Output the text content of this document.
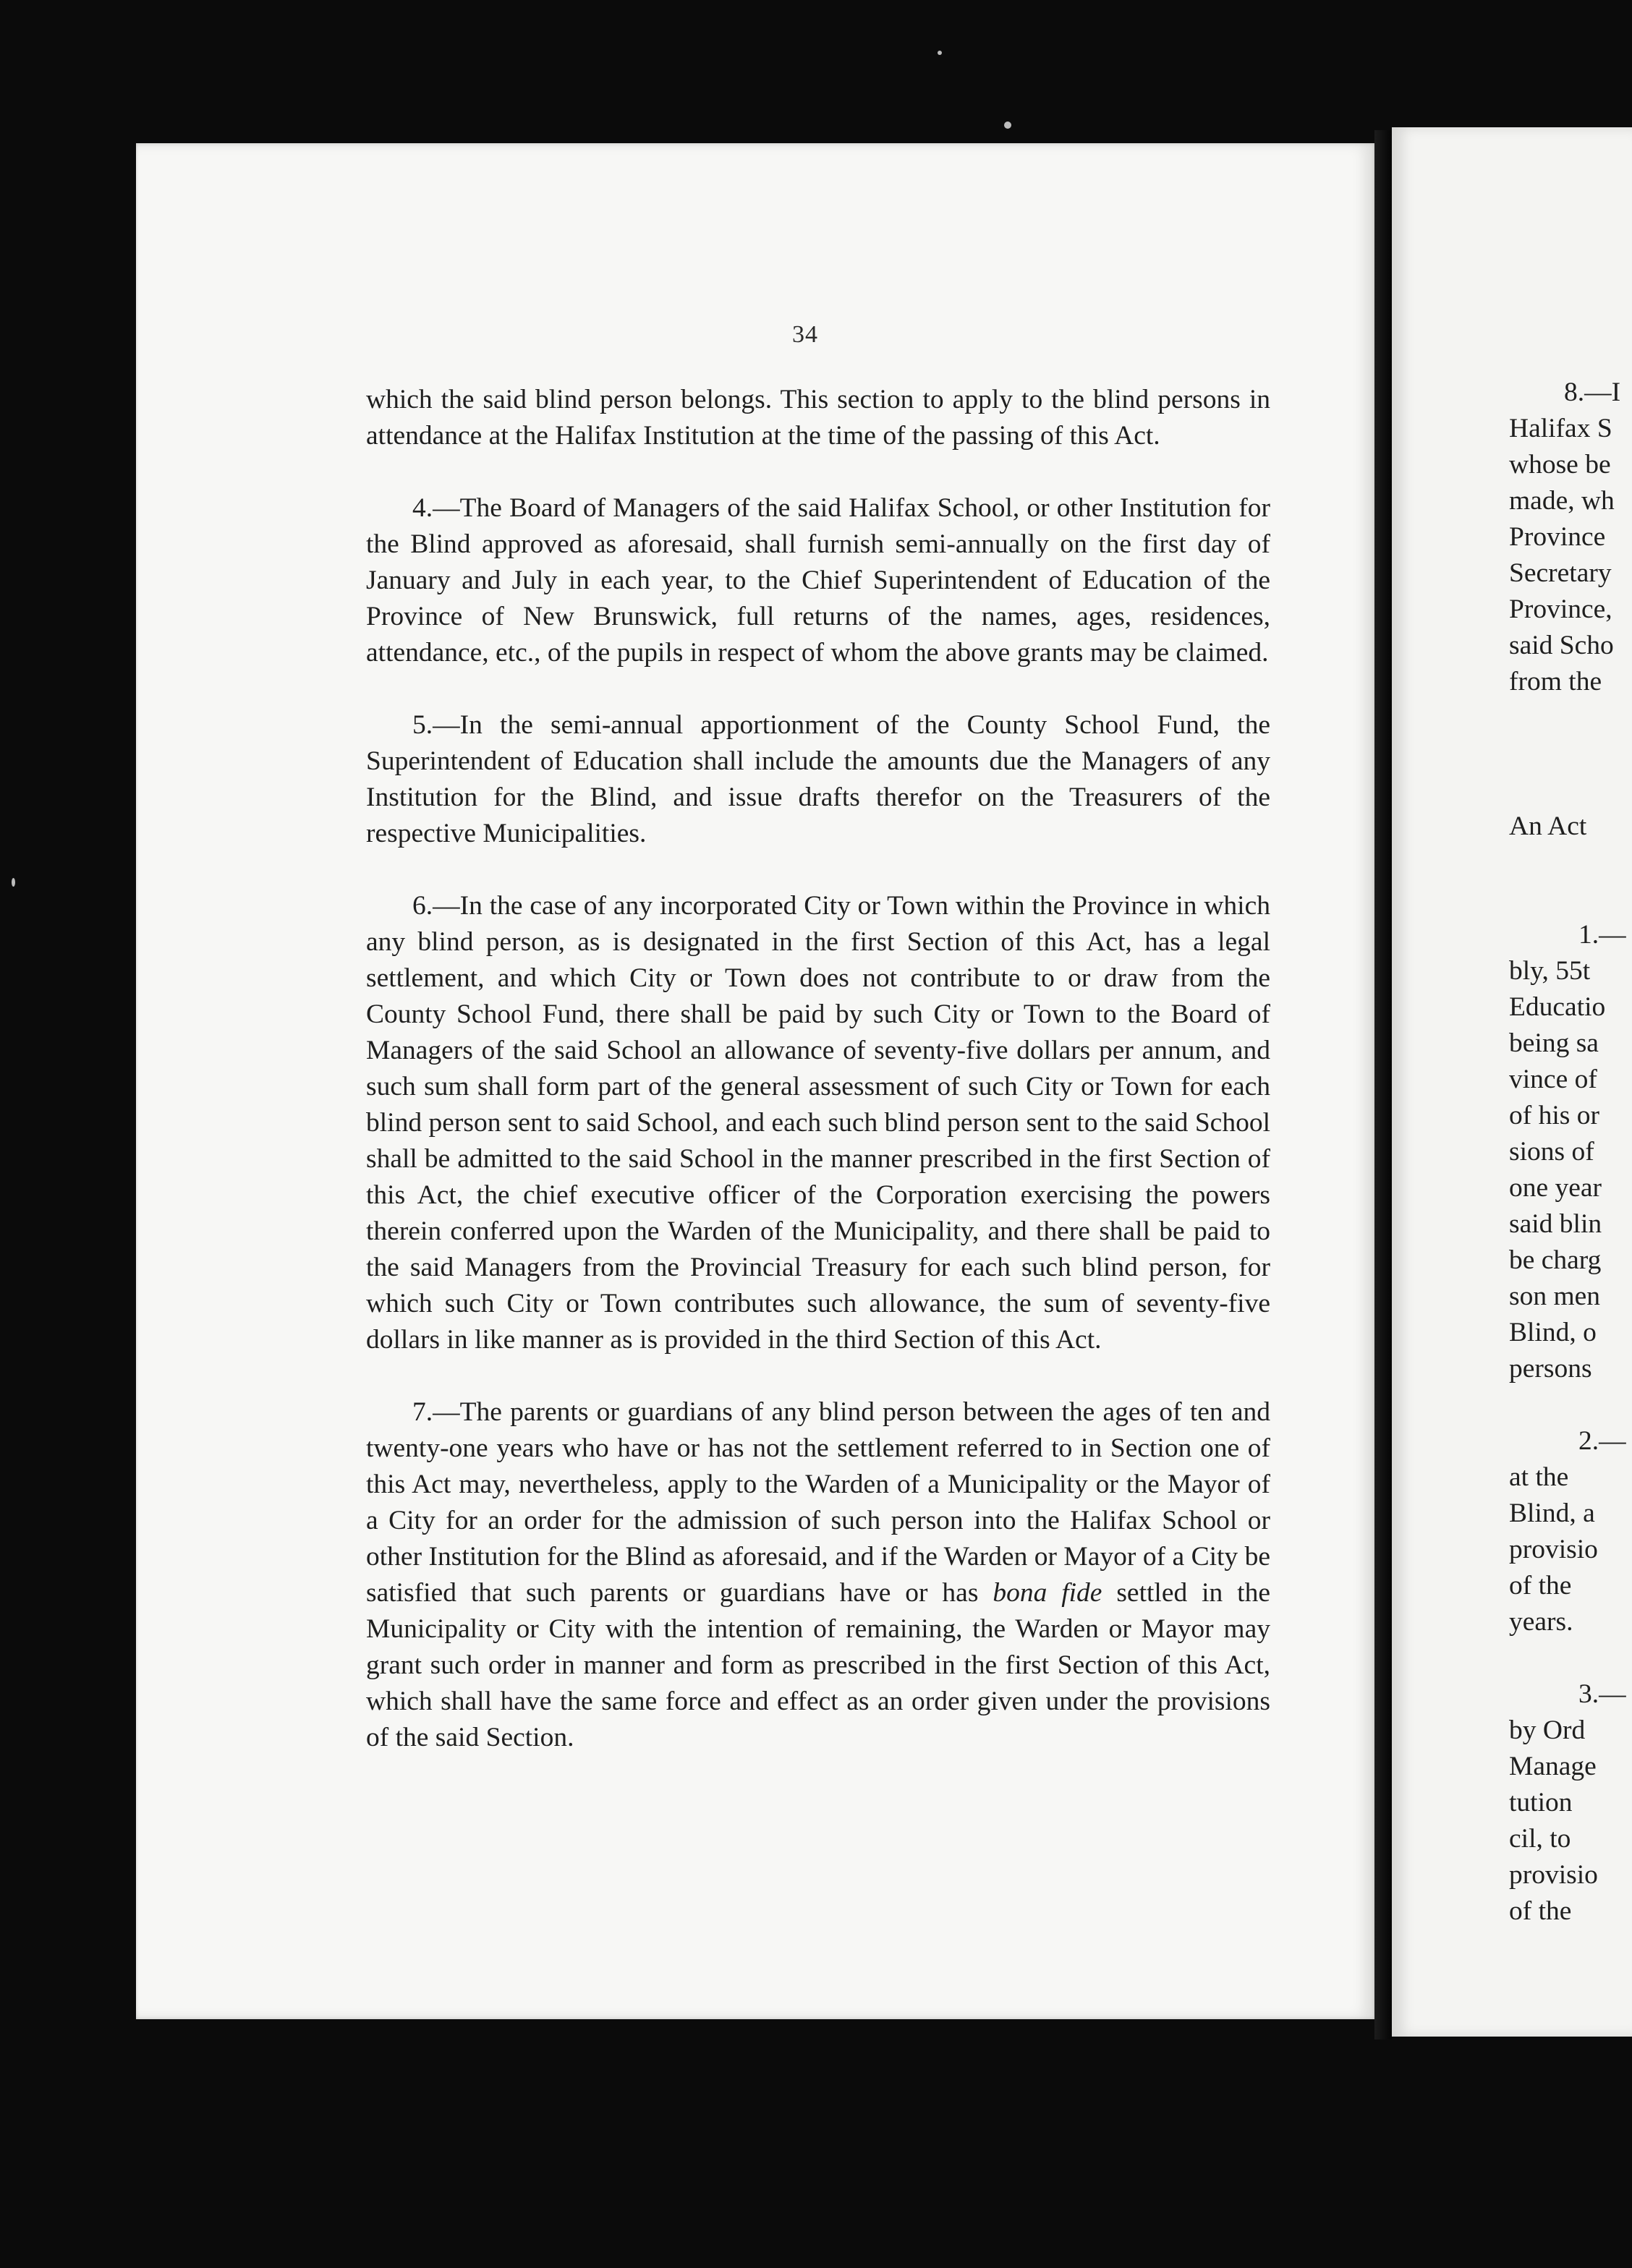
34

which the said blind person belongs. This section to apply to the blind persons in attendance at the Halifax Institution at the time of the passing of this Act.

4.—The Board of Managers of the said Halifax School, or other Institution for the Blind approved as aforesaid, shall furnish semi-annually on the first day of January and July in each year, to the Chief Superintendent of Education of the Province of New Brunswick, full returns of the names, ages, residences, attendance, etc., of the pupils in respect of whom the above grants may be claimed.

5.—In the semi-annual apportionment of the County School Fund, the Superintendent of Education shall include the amounts due the Managers of any Institution for the Blind, and issue drafts therefor on the Treasurers of the respective Municipalities.

6.—In the case of any incorporated City or Town within the Province in which any blind person, as is designated in the first Section of this Act, has a legal settlement, and which City or Town does not contribute to or draw from the County School Fund, there shall be paid by such City or Town to the Board of Managers of the said School an allowance of seventy-five dollars per annum, and such sum shall form part of the general assessment of such City or Town for each blind person sent to said School, and each such blind person sent to the said School shall be admitted to the said School in the manner prescribed in the first Section of this Act, the chief executive officer of the Corporation exercising the powers therein conferred upon the Warden of the Municipality, and there shall be paid to the said Managers from the Provincial Treasury for each such blind person, for which such City or Town contributes such allowance, the sum of seventy-five dollars in like manner as is provided in the third Section of this Act.

7.—The parents or guardians of any blind person between the ages of ten and twenty-one years who have or has not the settlement referred to in Section one of this Act may, nevertheless, apply to the Warden of a Municipality or the Mayor of a City for an order for the admission of such person into the Halifax School or other Institution for the Blind as aforesaid, and if the Warden or Mayor of a City be satisfied that such parents or guardians have or has bona fide settled in the Municipality or City with the intention of remaining, the Warden or Mayor may grant such order in manner and form as prescribed in the first Section of this Act, which shall have the same force and effect as an order given under the provisions of the said Section.

8.—I
Halifax S
whose be
made, wh
Province
Secretary
Province,
said Scho
from the
An Act
1.—
bly, 55t
Educatio
being sa
vince of
of his or
sions of
one year
said blin
be charg
son men
Blind, o
persons
2.—
at the
Blind, a
provisio
of the
years.
3.—
by Ord
Manage
tution
cil, to
provisio
of the
